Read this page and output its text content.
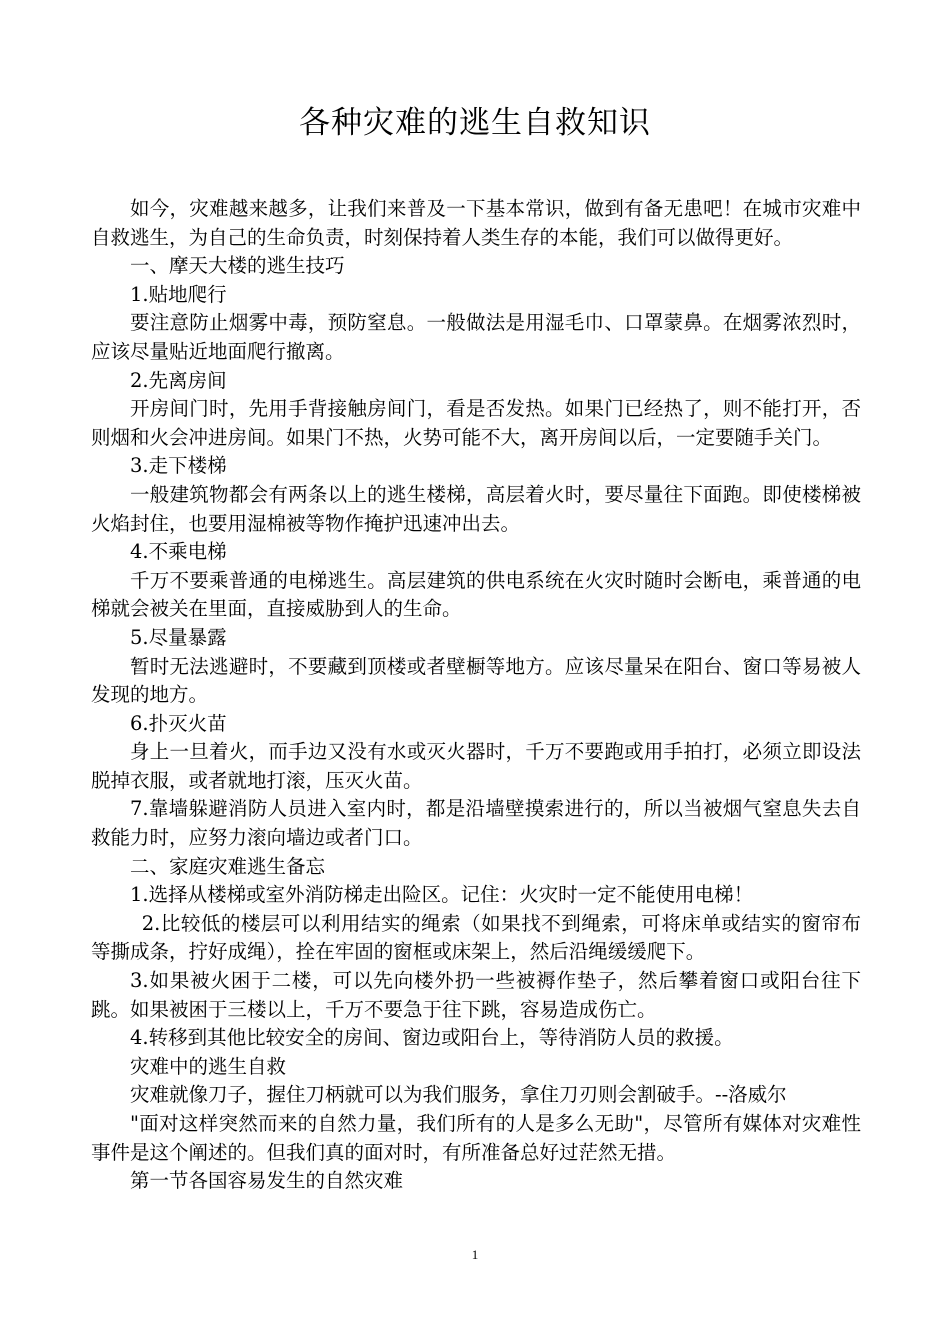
各种灾难的逃生自救知识

如今，灾难越来越多，让我们来普及一下基本常识，做到有备无患吧！在城市灾难中自救逃生，为自己的生命负责，时刻保持着人类生存的本能，我们可以做得更好。

一、摩天大楼的逃生技巧

1.贴地爬行

要注意防止烟雾中毒，预防窒息。一般做法是用湿毛巾、口罩蒙鼻。在烟雾浓烈时，应该尽量贴近地面爬行撤离。

2.先离房间

开房间门时，先用手背接触房间门，看是否发热。如果门已经热了，则不能打开，否则烟和火会冲进房间。如果门不热，火势可能不大，离开房间以后，一定要随手关门。

3.走下楼梯

一般建筑物都会有两条以上的逃生楼梯，高层着火时，要尽量往下面跑。即使楼梯被火焰封住，也要用湿棉被等物作掩护迅速冲出去。

4.不乘电梯

千万不要乘普通的电梯逃生。高层建筑的供电系统在火灾时随时会断电，乘普通的电梯就会被关在里面，直接威胁到人的生命。

5.尽量暴露

暂时无法逃避时，不要藏到顶楼或者壁橱等地方。应该尽量呆在阳台、窗口等易被人发现的地方。

6.扑灭火苗

身上一旦着火，而手边又没有水或灭火器时，千万不要跑或用手拍打，必须立即设法脱掉衣服，或者就地打滚，压灭火苗。

7.靠墙躲避消防人员进入室内时，都是沿墙壁摸索进行的，所以当被烟气窒息失去自救能力时，应努力滚向墙边或者门口。

二、家庭灾难逃生备忘

1.选择从楼梯或室外消防梯走出险区。记住：火灾时一定不能使用电梯！

2.比较低的楼层可以利用结实的绳索（如果找不到绳索，可将床单或结实的窗帘布等撕成条，拧好成绳），拴在牢固的窗框或床架上，然后沿绳缓缓爬下。

3.如果被火困于二楼，可以先向楼外扔一些被褥作垫子，然后攀着窗口或阳台往下跳。如果被困于三楼以上，千万不要急于往下跳，容易造成伤亡。

4.转移到其他比较安全的房间、窗边或阳台上，等待消防人员的救援。

灾难中的逃生自救

灾难就像刀子，握住刀柄就可以为我们服务，拿住刀刃则会割破手。--洛威尔

"面对这样突然而来的自然力量，我们所有的人是多么无助"，尽管所有媒体对灾难性事件是这个阐述的。但我们真的面对时，有所准备总好过茫然无措。

第一节各国容易发生的自然灾难

1
